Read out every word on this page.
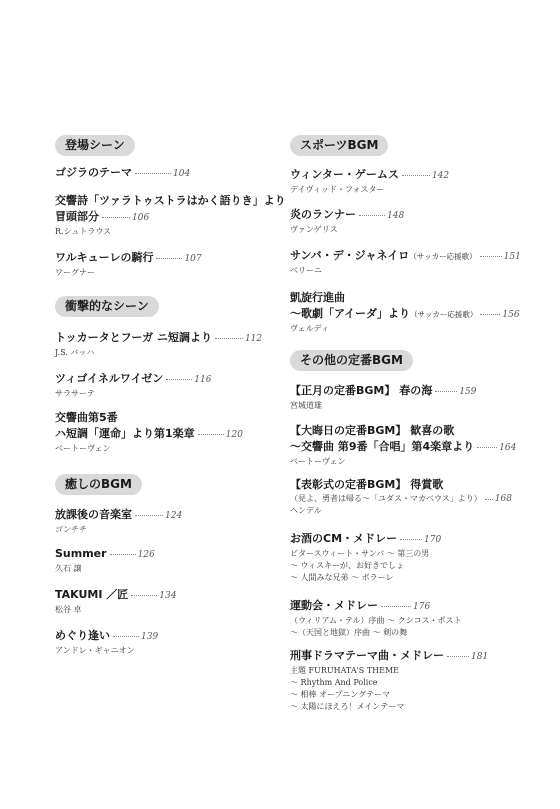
登場シーン
ゴジラのテーマ	104
交響詩「ツァラトゥストラはかく語りき」より
冒頭部分	106
R.シュトラウス
ワルキューレの騎行	107
ワーグナー
衝撃的なシーン
トッカータとフーガ ニ短調より	112
J.S. バッハ
ツィゴイネルワイゼン	116
サラサーテ
交響曲第5番
ハ短調「運命」より第1楽章	120
ベートーヴェン
癒しのBGM
放課後の音楽室	124
ゴンチチ
Summer	126
久石 譲
TAKUMI ／匠	134
松谷 卓
めぐり逢い	139
アンドレ・ギャニオン
スポーツBGM
ウィンター・ゲームス	142
デイヴィッド・フォスター
炎のランナー	148
ヴァンゲリス
サンバ・デ・ジャネイロ（サッカー応援歌）	151
ベリーニ
凱旋行進曲
～歌劇「アイーダ」より（サッカー応援歌）	156
ヴェルディ
その他の定番BGM
【正月の定番BGM】 春の海	159
宮城道雄
【大晦日の定番BGM】 歓喜の歌
～交響曲 第9番「合唱」第4楽章より	164
ベートーヴェン
【表彰式の定番BGM】 得賞歌
（見よ、勇者は帰る～「ユダス・マカベウス」より） 168
ヘンデル
お酒のCM・メドレー	170
ビタースウィート・サンバ ～ 第三の男
～ ウィスキーが、お好きでしょ
～ 人間みな兄弟 ～ ボラーレ
運動会・メドレー	176
（ウィリアム・テル）序曲 ～ クシコス・ポスト
～（天国と地獄）序曲 ～ 剣の舞
刑事ドラマテーマ曲・メドレー	181
主題 FURUHATA'S THEME
～ Rhythm And Police
～ 相棒 オープニングテーマ
～ 太陽にほえろ！メインテーマ
